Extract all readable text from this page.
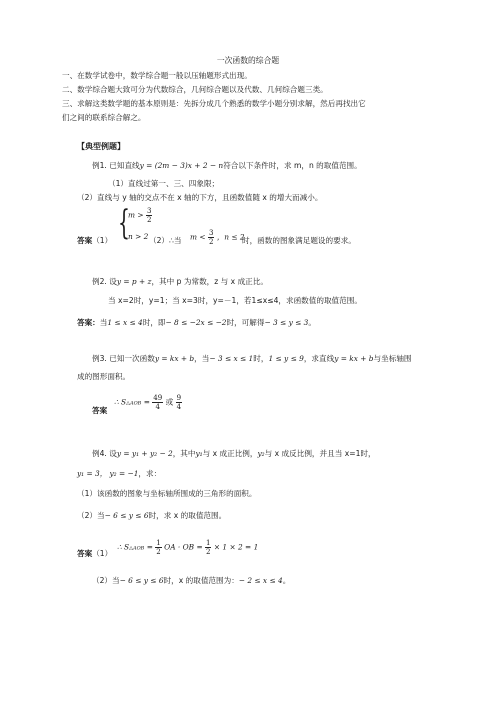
一次函数的综合题
一、在数学试卷中，数学综合题一般以压轴题形式出现。
二、数学综合题大致可分为代数综合，几何综合题以及代数、几何综合题三类。
三、求解这类数学题的基本原则是：先拆分成几个熟悉的数学小题分别求解，然后再找出它
们之间的联系综合解之。
【典型例题】
例1. 已知直线y = (2m − 3)x + 2 − n符合以下条件时，求 m，n 的取值范围。
（1）直线过第一、三、四象限；
（2）直线与 y 轴的交点不在 x 轴的下方，且函数值随 x 的增大而减小。
答案（1） {
$m > \frac{3}{2}$
n > 2 （2）∴当 $m < \frac{3}{2}$ ，n ≤ 2
时，函数的图象满足题设的要求。
例2. 设y = p + z，其中 p 为常数，z 与 x 成正比。
当 x=2时，y=1；当 x=3时，y=－1，若1≤x≤4，求函数值的取值范围。
答案：当1 ≤ x ≤ 4时，即− 8 ≤ −2x ≤ −2时，可解得− 3 ≤ y ≤ 3。
例3. 已知一次函数y = kx + b，当− 3 ≤ x ≤ 1时，1 ≤ y ≤ 9，求直线y = kx + b与坐标轴围
成的图形面积。
答案
∴ S△AOB = $\frac{49}{4}$ 或 $\frac{9}{4}$
例4. 设y = y₁ + y₂ − 2，其中y₁与 x 成正比例，y₂与 x 成反比例，并且当 x=1时，
y₁ = 3， y₂ = −1，求：
（1）该函数的图象与坐标轴所围成的三角形的面积。
（2）当− 6 ≤ y ≤ 6时，求 x 的取值范围。
答案（1）
∴ S△AOB = $\frac{1}{2}$ OA · OB = $\frac{1}{2} \times 1 \times 2 = 1$
（2）当− 6 ≤ y ≤ 6时，x 的取值范围为：− 2 ≤ x ≤ 4。
